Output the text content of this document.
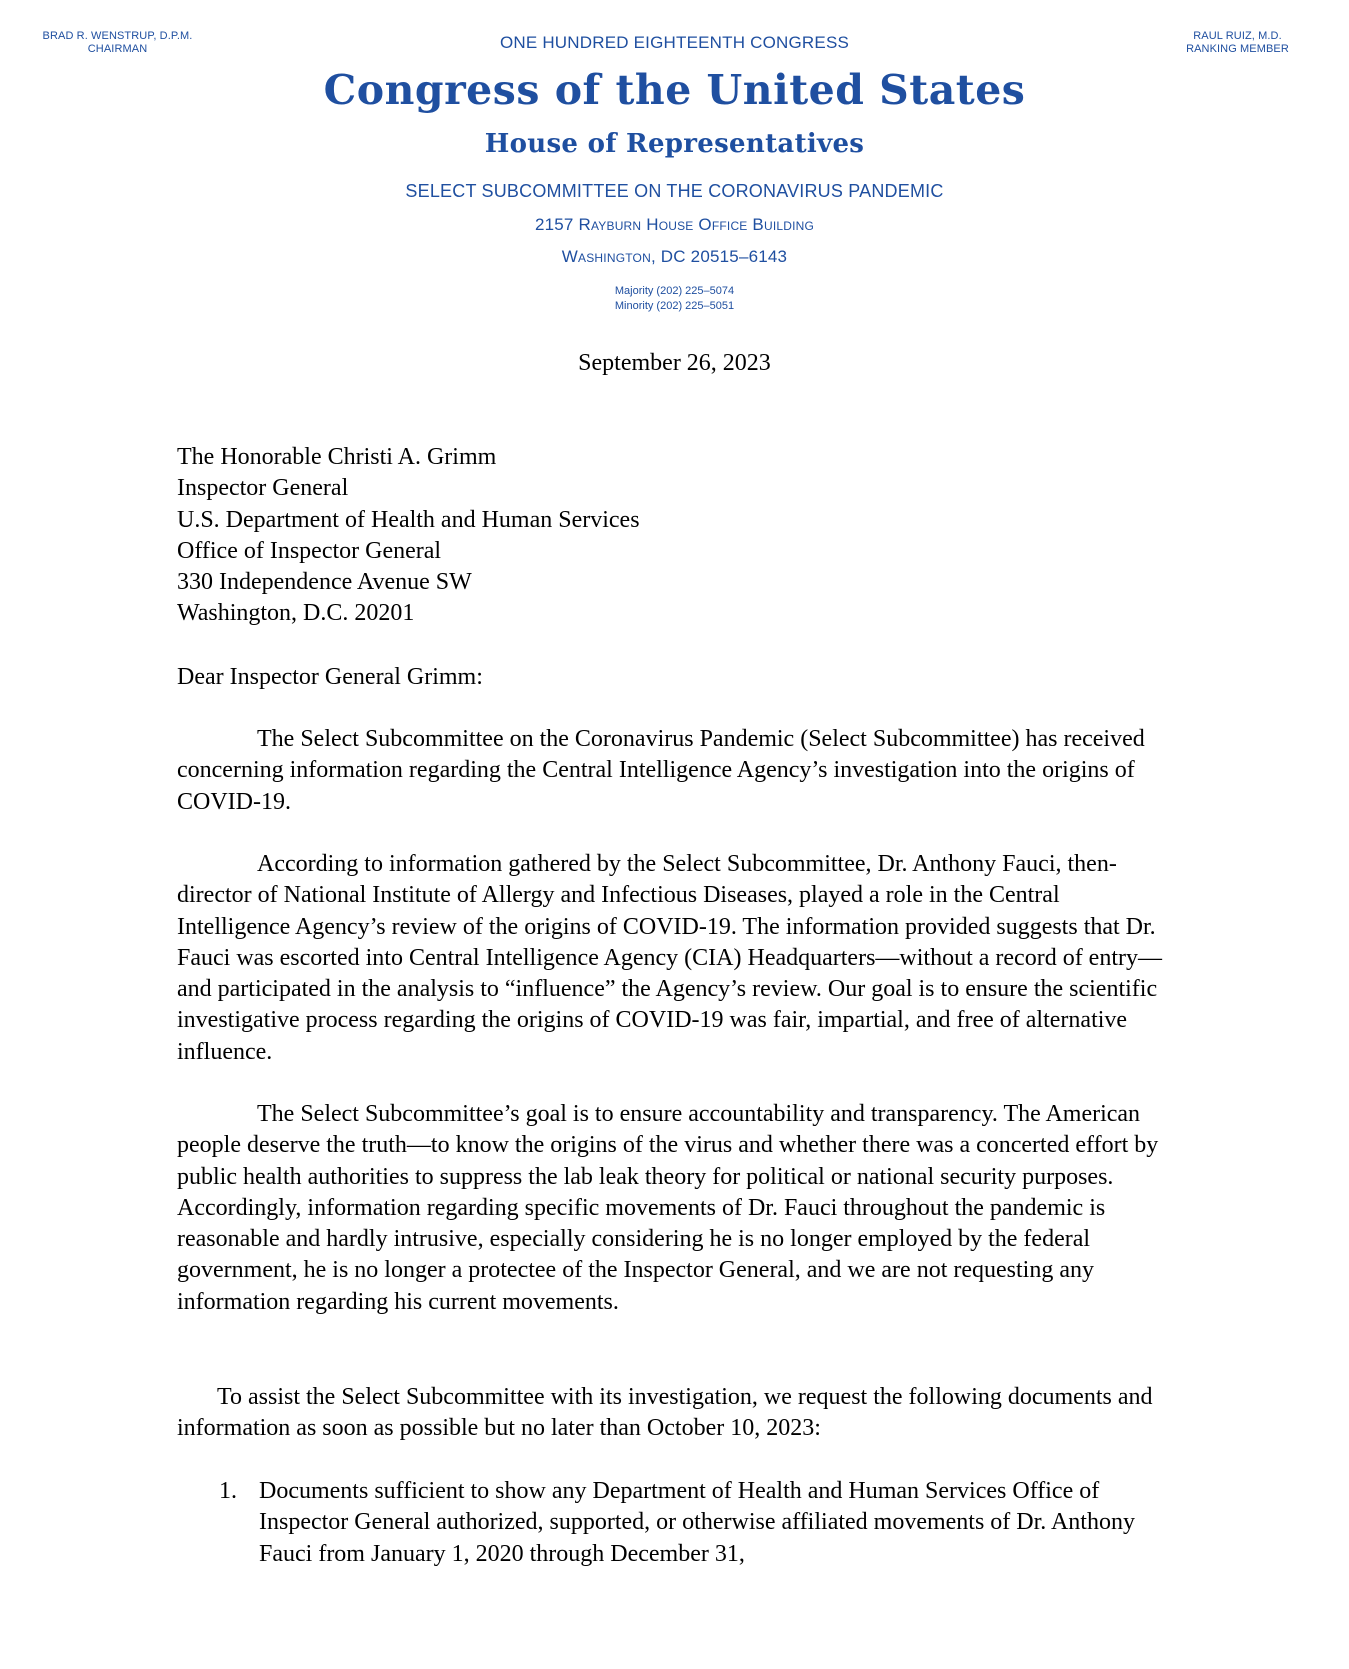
BRAD R. WENSTRUP, D.P.M.
CHAIRMAN
RAUL RUIZ, M.D.
RANKING MEMBER
ONE HUNDRED EIGHTEENTH CONGRESS
Congress of the United States
House of Representatives
SELECT SUBCOMMITTEE ON THE CORONAVIRUS PANDEMIC
2157 Rayburn House Office Building
Washington, DC 20515–6143
Majority (202) 225–5074
Minority (202) 225–5051
September 26, 2023
The Honorable Christi A. Grimm
Inspector General
U.S. Department of Health and Human Services
Office of Inspector General
330 Independence Avenue SW
Washington, D.C. 20201
Dear Inspector General Grimm:

The Select Subcommittee on the Coronavirus Pandemic (Select Subcommittee) has received concerning information regarding the Central Intelligence Agency’s investigation into the origins of COVID-19.

According to information gathered by the Select Subcommittee, Dr. Anthony Fauci, then-director of National Institute of Allergy and Infectious Diseases, played a role in the Central Intelligence Agency’s review of the origins of COVID-19. The information provided suggests that Dr. Fauci was escorted into Central Intelligence Agency (CIA) Headquarters—without a record of entry—and participated in the analysis to “influence” the Agency’s review. Our goal is to ensure the scientific investigative process regarding the origins of COVID-19 was fair, impartial, and free of alternative influence.

The Select Subcommittee’s goal is to ensure accountability and transparency. The American people deserve the truth—to know the origins of the virus and whether there was a concerted effort by public health authorities to suppress the lab leak theory for political or national security purposes. Accordingly, information regarding specific movements of Dr. Fauci throughout the pandemic is reasonable and hardly intrusive, especially considering he is no longer employed by the federal government, he is no longer a protectee of the Inspector General, and we are not requesting any information regarding his current movements.

To assist the Select Subcommittee with its investigation, we request the following documents and information as soon as possible but no later than October 10, 2023:

1. Documents sufficient to show any Department of Health and Human Services Office of Inspector General authorized, supported, or otherwise affiliated movements of Dr. Anthony Fauci from January 1, 2020 through December 31,
